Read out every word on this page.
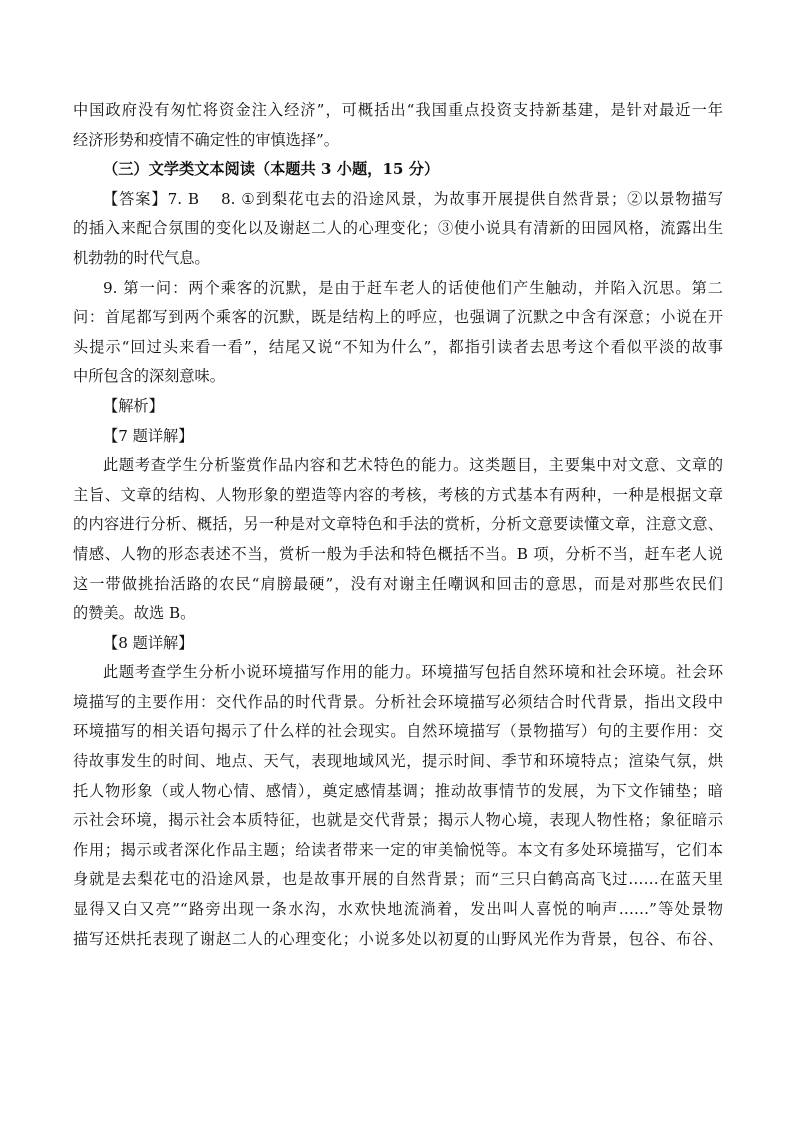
中国政府没有匆忙将资金注入经济”，可概括出“我国重点投资支持新基建，是针对最近一年
经济形势和疫情不确定性的审慎选择”。
（三）文学类文本阅读（本题共 3 小题，15 分）
【答案】7. B 8. ①到梨花屯去的沿途风景，为故事开展提供自然背景；②以景物描写
的插入来配合氛围的变化以及谢赵二人的心理变化；③使小说具有清新的田园风格，流露出生
机勃勃的时代气息。
9. 第一问：两个乘客的沉默，是由于赶车老人的话使他们产生触动，并陷入沉思。第二
问：首尾都写到两个乘客的沉默，既是结构上的呼应，也强调了沉默之中含有深意；小说在开
头提示“回过头来看一看”，结尾又说“不知为什么”，都指引读者去思考这个看似平淡的故事
中所包含的深刻意味。
【解析】
【7 题详解】
此题考查学生分析鉴赏作品内容和艺术特色的能力。这类题目，主要集中对文意、文章的
主旨、文章的结构、人物形象的塑造等内容的考核，考核的方式基本有两种，一种是根据文章
的内容进行分析、概括，另一种是对文章特色和手法的赏析，分析文意要读懂文章，注意文意、
情感、人物的形态表述不当，赏析一般为手法和特色概括不当。B 项，分析不当，赶车老人说
这一带做挑抬活路的农民“肩膀最硬”，没有对谢主任嘲讽和回击的意思，而是对那些农民们
的赞美。故选 B。
【8 题详解】
此题考查学生分析小说环境描写作用的能力。环境描写包括自然环境和社会环境。社会环
境描写的主要作用：交代作品的时代背景。分析社会环境描写必须结合时代背景，指出文段中
环境描写的相关语句揭示了什么样的社会现实。自然环境描写（景物描写）句的主要作用：交
待故事发生的时间、地点、天气，表现地域风光，提示时间、季节和环境特点；渲染气氛，烘
托人物形象（或人物心情、感情），奠定感情基调；推动故事情节的发展，为下文作铺垫；暗
示社会环境，揭示社会本质特征，也就是交代背景；揭示人物心境，表现人物性格；象征暗示
作用；揭示或者深化作品主题；给读者带来一定的审美愉悦等。本文有多处环境描写，它们本
身就是去梨花屯的沿途风景，也是故事开展的自然背景；而“三只白鹤高高飞过……在蓝天里
显得又白又亮”“路旁出现一条水沟，水欢快地流淌着，发出叫人喜悦的响声……”等处景物
描写还烘托表现了谢赵二人的心理变化；小说多处以初夏的山野风光作为背景，包谷、布谷、
